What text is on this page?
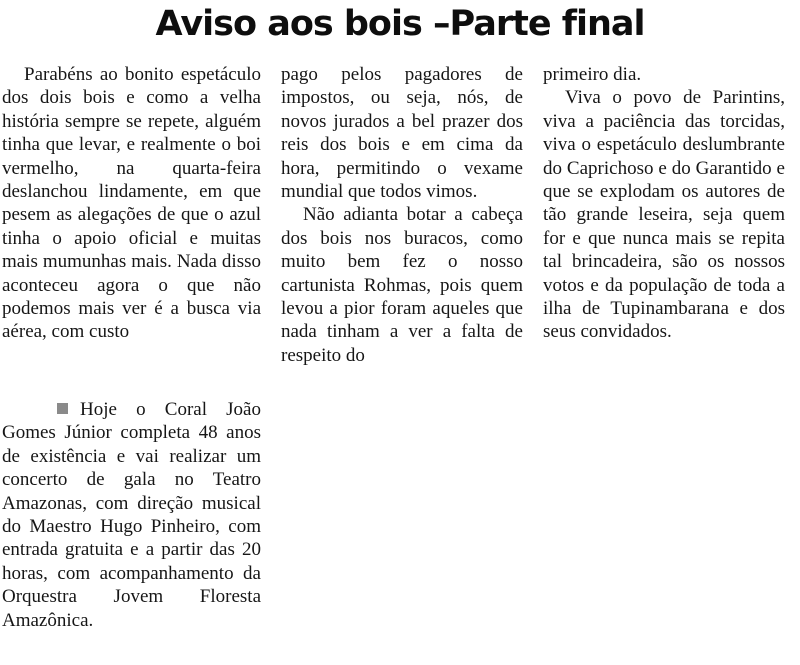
Aviso aos bois –Parte final

Parabéns ao bonito espetáculo dos dois bois e como a velha história sempre se repete, alguém tinha que levar, e realmente o boi vermelho, na quarta-feira deslanchou lindamente, em que pesem as alegações de que o azul tinha o apoio oficial e muitas mais mumunhas mais. Nada disso aconteceu agora o que não podemos mais ver é a busca via aérea, com custo

pago pelos pagadores de impostos, ou seja, nós, de novos jurados a bel prazer dos reis dos bois e em cima da hora, permitindo o vexame mundial que todos vimos.

Não adianta botar a cabeça dos bois nos buracos, como muito bem fez o nosso cartunista Rohmas, pois quem levou a pior foram aqueles que nada tinham a ver a falta de respeito do

primeiro dia.

Viva o povo de Parintins, viva a paciência das torcidas, viva o espetáculo deslumbrante do Caprichoso e do Garantido e que se explodam os autores de tão grande leseira, seja quem for e que nunca mais se repita tal brincadeira, são os nossos votos e da população de toda a ilha de Tupinambarana e dos seus convidados.

Hoje o Coral João Gomes Júnior completa 48 anos de existência e vai realizar um concerto de gala no Teatro Amazonas, com direção musical do Maestro Hugo Pinheiro, com entrada gratuita e a partir das 20 horas, com acompanhamento da Orquestra Jovem Floresta Amazônica.
